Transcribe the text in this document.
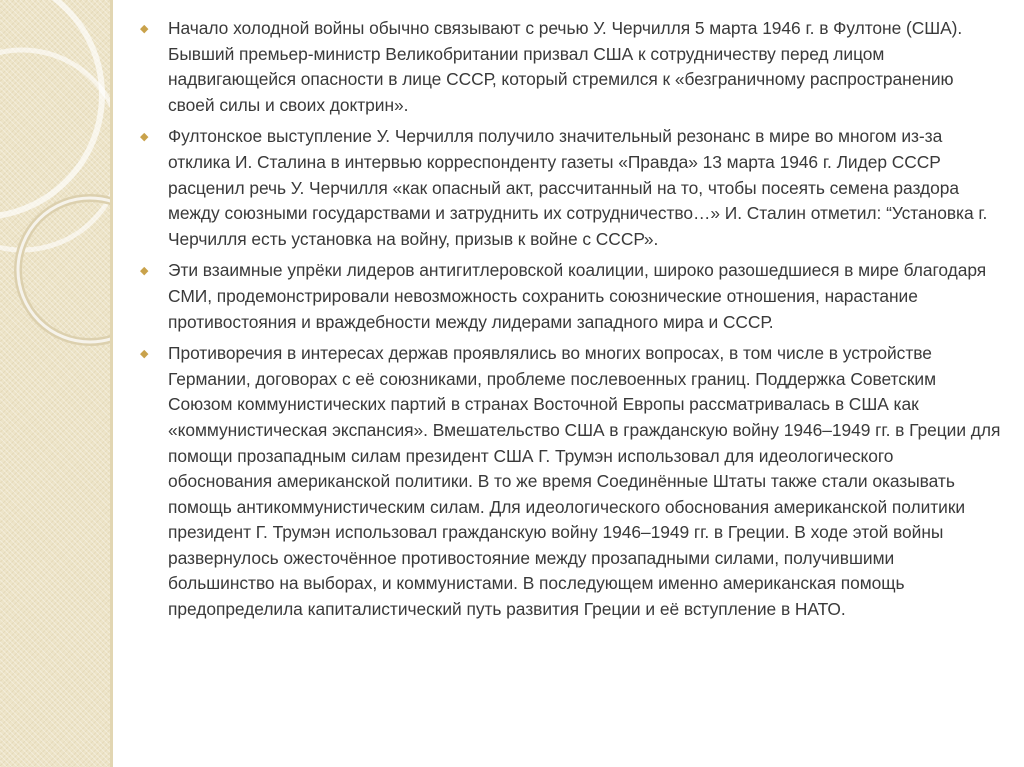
◆ Начало холодной войны обычно связывают с речью У. Черчилля 5 марта 1946 г. в Фултоне (США). Бывший премьер-министр Великобритании призвал США к сотрудничеству перед лицом надвигающейся опасности в лице СССР, который стремился к «безграничному распространению своей силы и своих доктрин».
◆ Фултонское выступление У. Черчилля получило значительный резонанс в мире во многом из-за отклика И. Сталина в интервью корреспонденту газеты «Правда» 13 марта 1946 г. Лидер СССР расценил речь У. Черчилля «как опасный акт, рассчитанный на то, чтобы посеять семена раздора между союзными государствами и затруднить их сотрудничество…» И. Сталин отметил: “Установка г. Черчилля есть установка на войну, призыв к войне с СССР».
◆ Эти взаимные упрёки лидеров антигитлеровской коалиции, широко разошедшиеся в мире благодаря СМИ, продемонстрировали невозможность сохранить союзнические отношения, нарастание противостояния и враждебности между лидерами западного мира и СССР.
◆ Противоречия в интересах держав проявлялись во многих вопросах, в том числе в устройстве Германии, договорах с её союзниками, проблеме послевоенных границ. Поддержка Советским Союзом коммунистических партий в странах Восточной Европы рассматривалась в США как «коммунистическая экспансия». Вмешательство США в гражданскую войну 1946–1949 гг. в Греции для помощи прозападным силам президент США Г. Трумэн использовал для идеологического обоснования американской политики. В то же время Соединённые Штаты также стали оказывать помощь антикоммунистическим силам. Для идеологического обоснования американской политики президент Г. Трумэн использовал гражданскую войну 1946–1949 гг. в Греции. В ходе этой войны развернулось ожесточённое противостояние между прозападными силами, получившими большинство на выборах, и коммунистами. В последующем именно американская помощь предопределила капиталистический путь развития Греции и её вступление в НАТО.
